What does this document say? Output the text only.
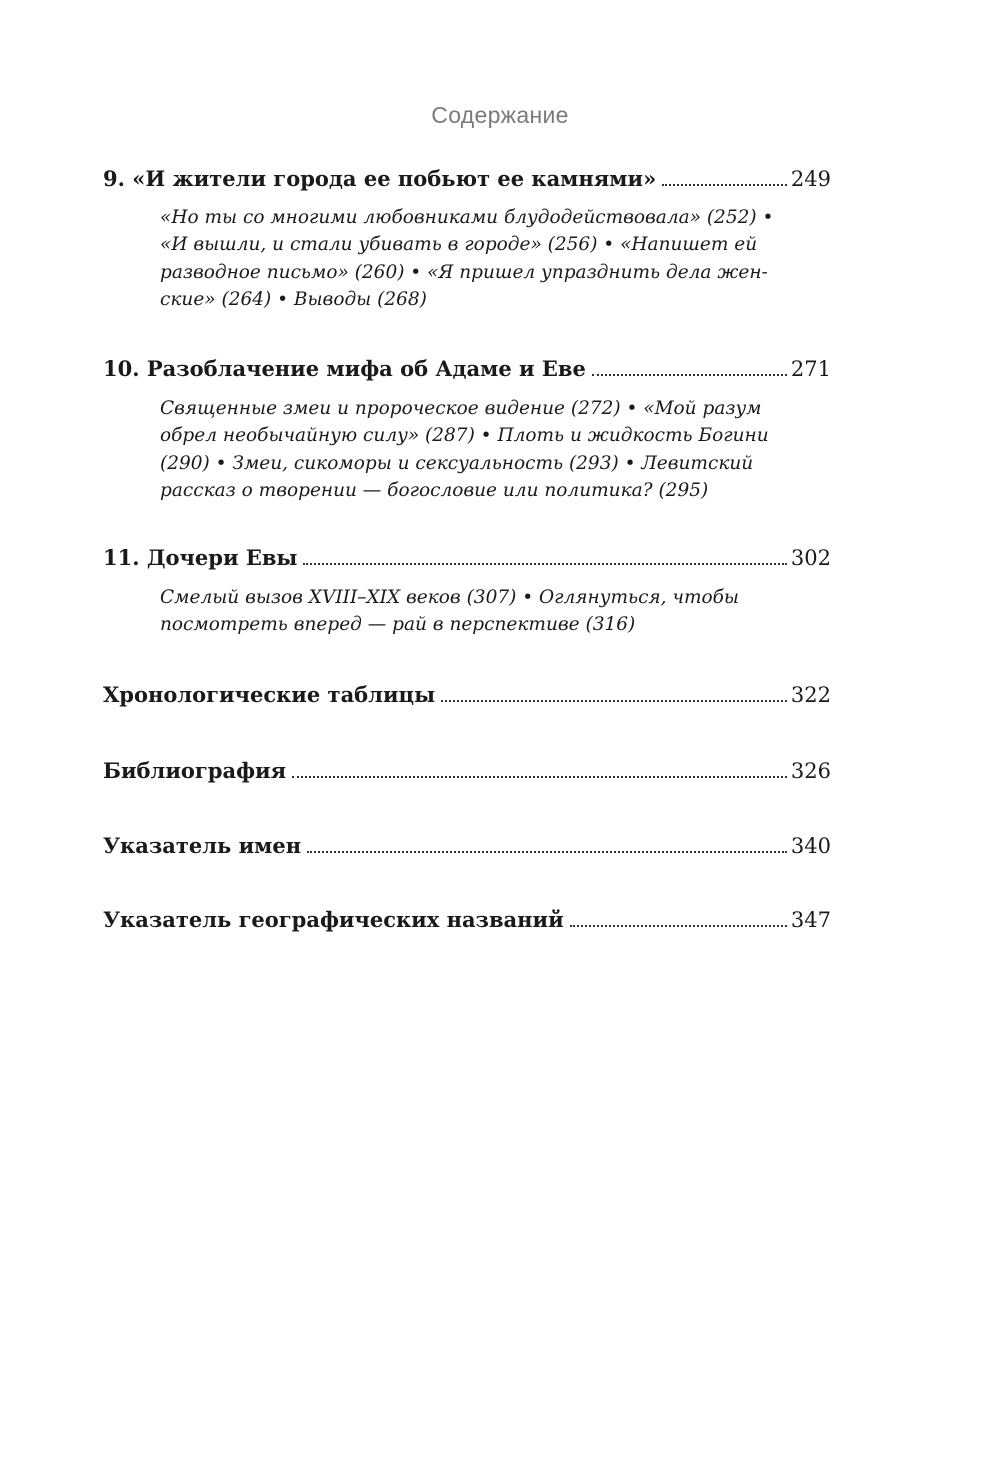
Содержание
9. «И жители города ее побьют ее камнями»	249
«Но ты со многими любовниками блудодействовала» (252) •
«И вышли, и стали убивать в городе» (256) • «Напишет ей
разводное письмо» (260) • «Я пришел упразднить дела жен-
ские» (264) • Выводы (268)
10. Разоблачение мифа об Адаме и Еве	271
Священные змеи и пророческое видение (272) • «Мой разум
обрел необычайную силу» (287) • Плоть и жидкость Богини
(290) • Змеи, сикоморы и сексуальность (293) • Левитский
рассказ о творении — богословие или политика? (295)
11. Дочери Евы	302
Смелый вызов XVIII–XIX веков (307) • Оглянуться, чтобы
посмотреть вперед — рай в перспективе (316)
Хронологические таблицы	322
Библиография	326
Указатель имен	340
Указатель географических названий	347
